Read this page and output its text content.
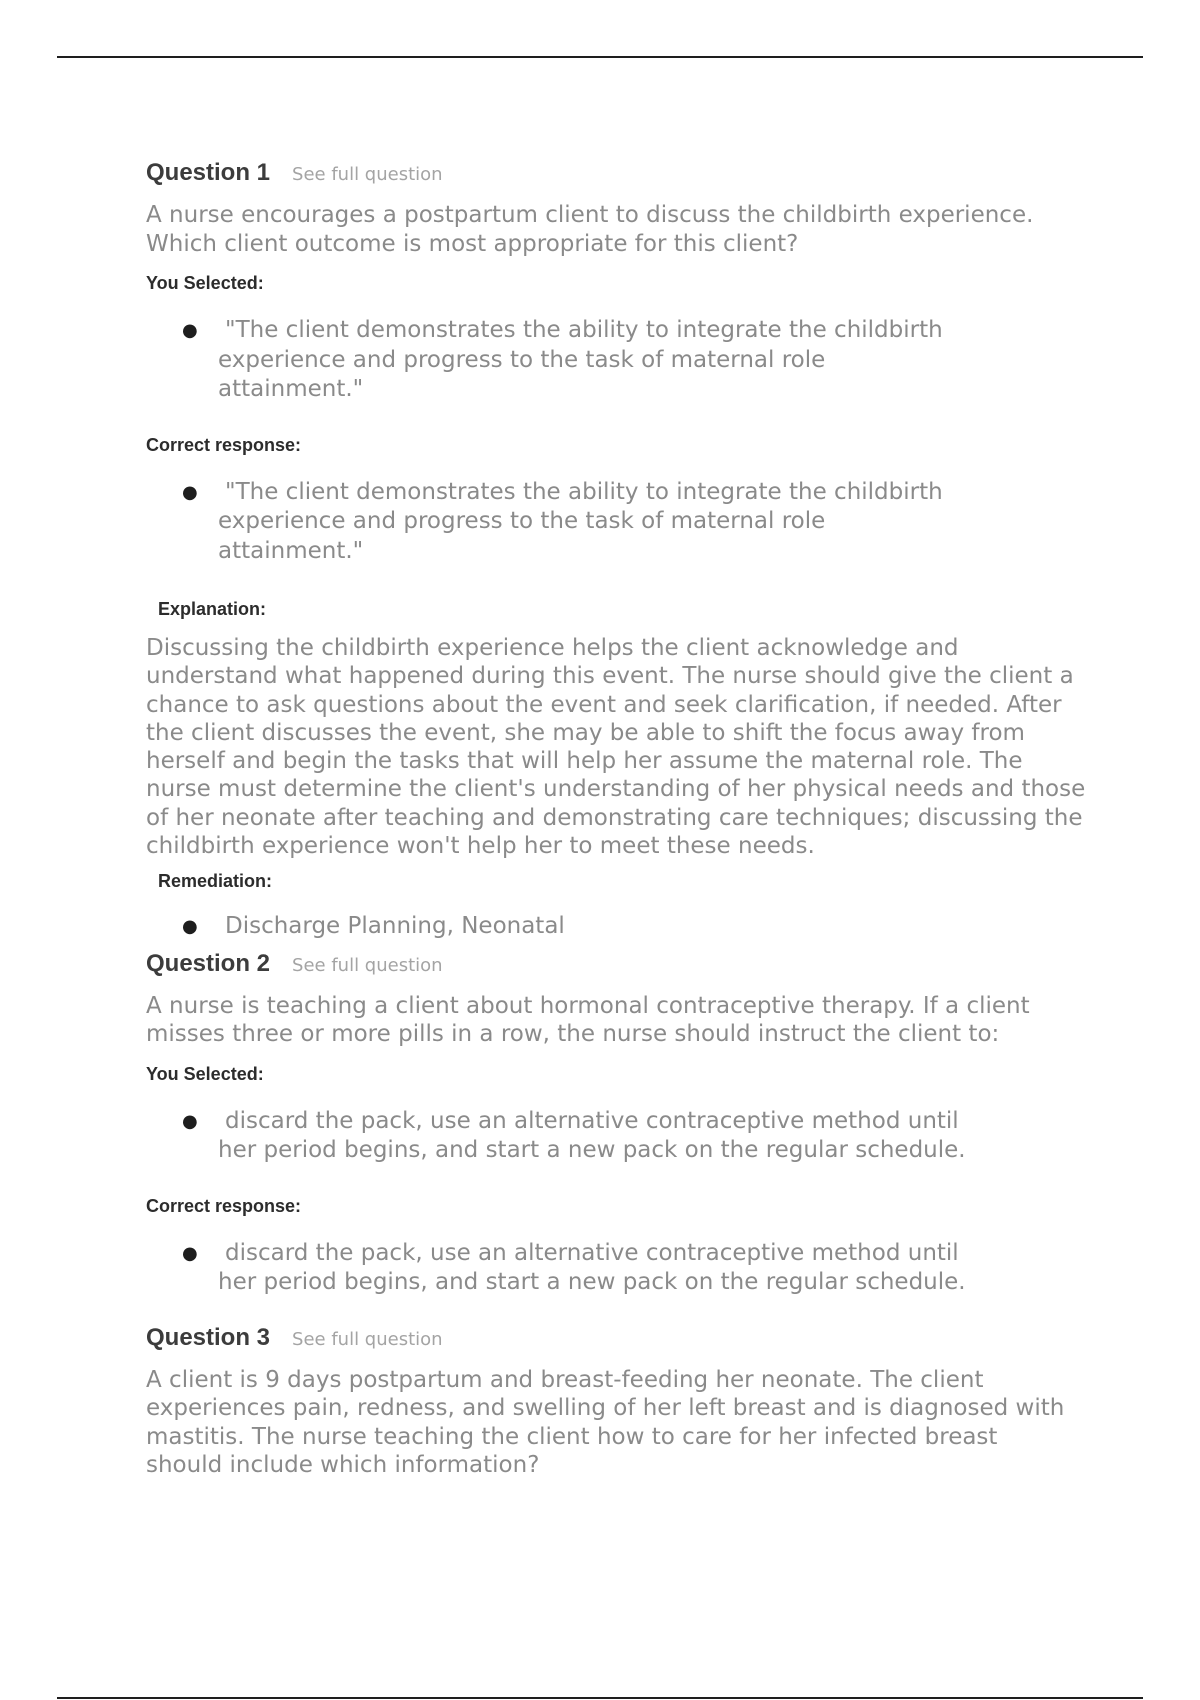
Question 1 See full question

A nurse encourages a postpartum client to discuss the childbirth experience. Which client outcome is most appropriate for this client?

You Selected:

●	"The client demonstrates the ability to integrate the childbirth experience and progress to the task of maternal role attainment."

Correct response:

●	"The client demonstrates the ability to integrate the childbirth experience and progress to the task of maternal role attainment."

Explanation:

Discussing the childbirth experience helps the client acknowledge and understand what happened during this event. The nurse should give the client a chance to ask questions about the event and seek clarification, if needed. After the client discusses the event, she may be able to shift the focus away from herself and begin the tasks that will help her assume the maternal role. The nurse must determine the client's understanding of her physical needs and those of her neonate after teaching and demonstrating care techniques; discussing the childbirth experience won't help her to meet these needs.

Remediation:

●	Discharge Planning, Neonatal
Question 2 See full question

A nurse is teaching a client about hormonal contraceptive therapy. If a client misses three or more pills in a row, the nurse should instruct the client to:

You Selected:

●	discard the pack, use an alternative contraceptive method until her period begins, and start a new pack on the regular schedule.

Correct response:

●	discard the pack, use an alternative contraceptive method until her period begins, and start a new pack on the regular schedule.
Question 3 See full question

A client is 9 days postpartum and breast-feeding her neonate. The client experiences pain, redness, and swelling of her left breast and is diagnosed with mastitis. The nurse teaching the client how to care for her infected breast should include which information?
